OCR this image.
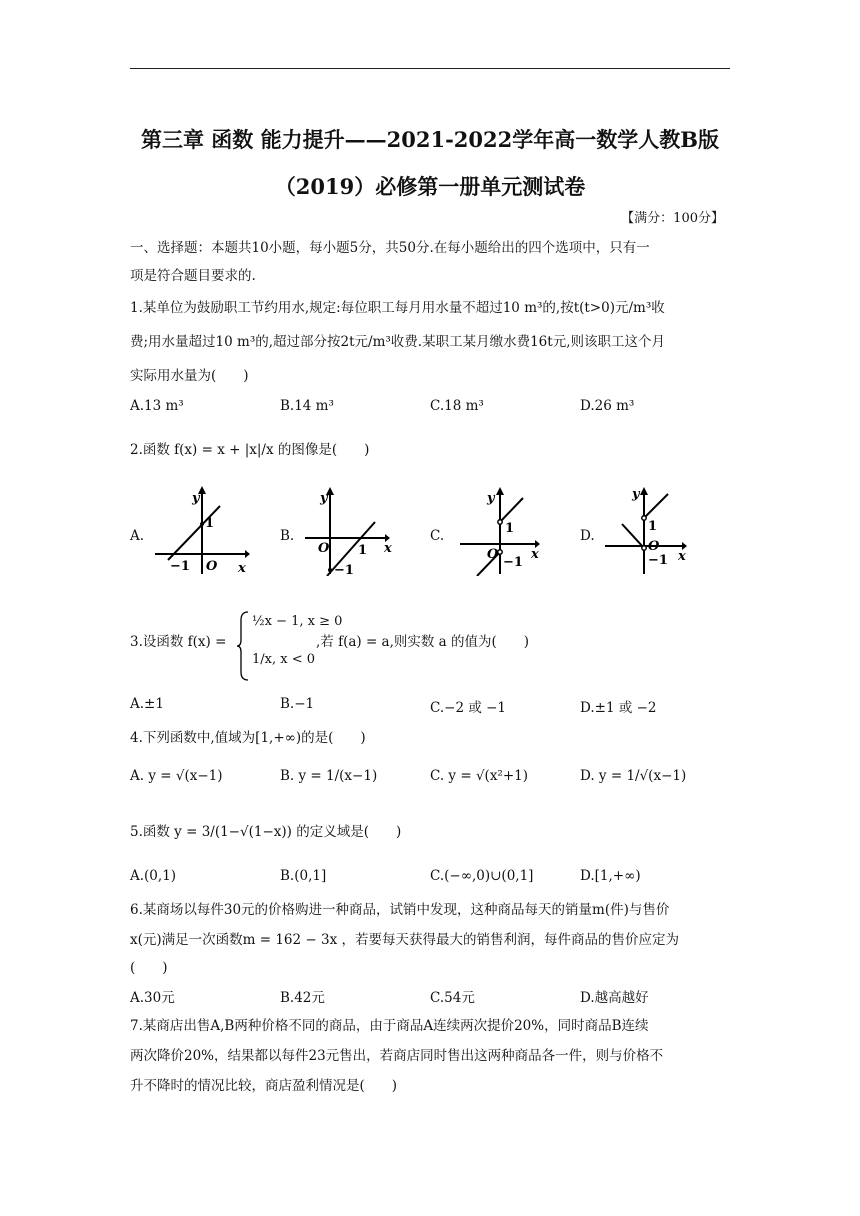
第三章 函数 能力提升——2021-2022学年高一数学人教B版
（2019）必修第一册单元测试卷
【满分：100分】
一、选择题：本题共10小题，每小题5分，共50分.在每小题给出的四个选项中，只有一
项是符合题目要求的.
1.某单位为鼓励职工节约用水,规定:每位职工每月用水量不超过10 m³的,按t(t>0)元/m³收
费;用水量超过10 m³的,超过部分按2t元/m³收费.某职工某月缴水费16t元,则该职工这个月
实际用水量为(　　)
A.13 m³	B.14 m³	C.18 m³	D.26 m³
2.函数 f(x) = x + |x|/x 的图像是(　　)
A.	B.	C.	D.
y
x
1
O
−1
y
x
1
O
−1
y
x
1
O
−1
y
x
1
O
−1
3.设函数 f(x) =
½x − 1, x ≥ 0
1/x, x < 0
,若 f(a) = a,则实数 a 的值为(　　)
A.±1	B.−1	C.−2 或 −1	D.±1 或 −2
4.下列函数中,值域为[1,+∞)的是(　　)
A. y = √(x−1)	B. y = 1/(x−1)	C. y = √(x²+1)	D. y = 1/√(x−1)
5.函数 y = 3/(1−√(1−x)) 的定义域是(　　)
A.(0,1)	B.(0,1]	C.(−∞,0)∪(0,1]	D.[1,+∞)
6.某商场以每件30元的价格购进一种商品，试销中发现，这种商品每天的销量m(件)与售价
x(元)满足一次函数m = 162 − 3x ，若要每天获得最大的销售利润，每件商品的售价应定为
(　　)
A.30元	B.42元	C.54元	D.越高越好
7.某商店出售A,B两种价格不同的商品，由于商品A连续两次提价20%，同时商品B连续
两次降价20%，结果都以每件23元售出，若商店同时售出这两种商品各一件，则与价格不
升不降时的情况比较，商店盈利情况是(　　)
